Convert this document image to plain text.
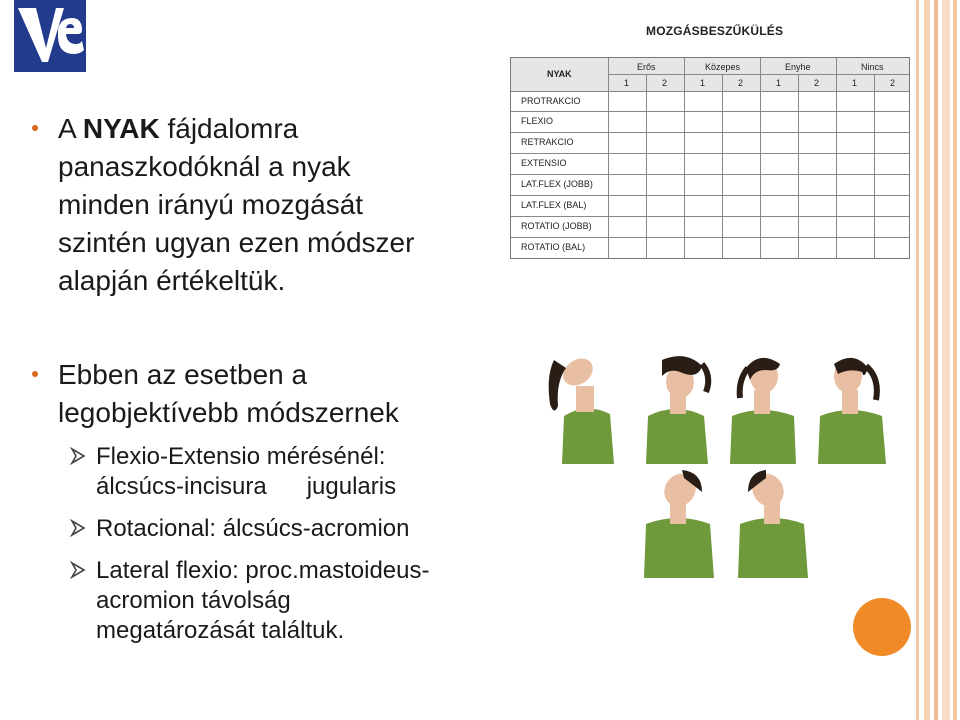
A NYAK fájdalomra
panaszkodóknál a nyak
minden irányú mozgását
szintén ugyan ezen módszer
alapján értékeltük.
Ebben az esetben a
legobjektívebb módszernek
Flexio-Extensio mérésénél:
álcsúcs-incisura      jugularis
Rotacional: álcsúcs-acromion
Lateral flexio: proc.mastoideus-
acromion távolság
megatározását találtuk.
MOZGÁSBESZŰKÜLÉS
NYAK
Erős	Közepes	Enyhe	Nincs
1	2	1	2	1	2	1	2
PROTRAKCIO
FLEXIO
RETRAKCIO
EXTENSIO
LAT.FLEX (JOBB)
LAT.FLEX (BAL)
ROTATIO (JOBB)
ROTATIO (BAL)
